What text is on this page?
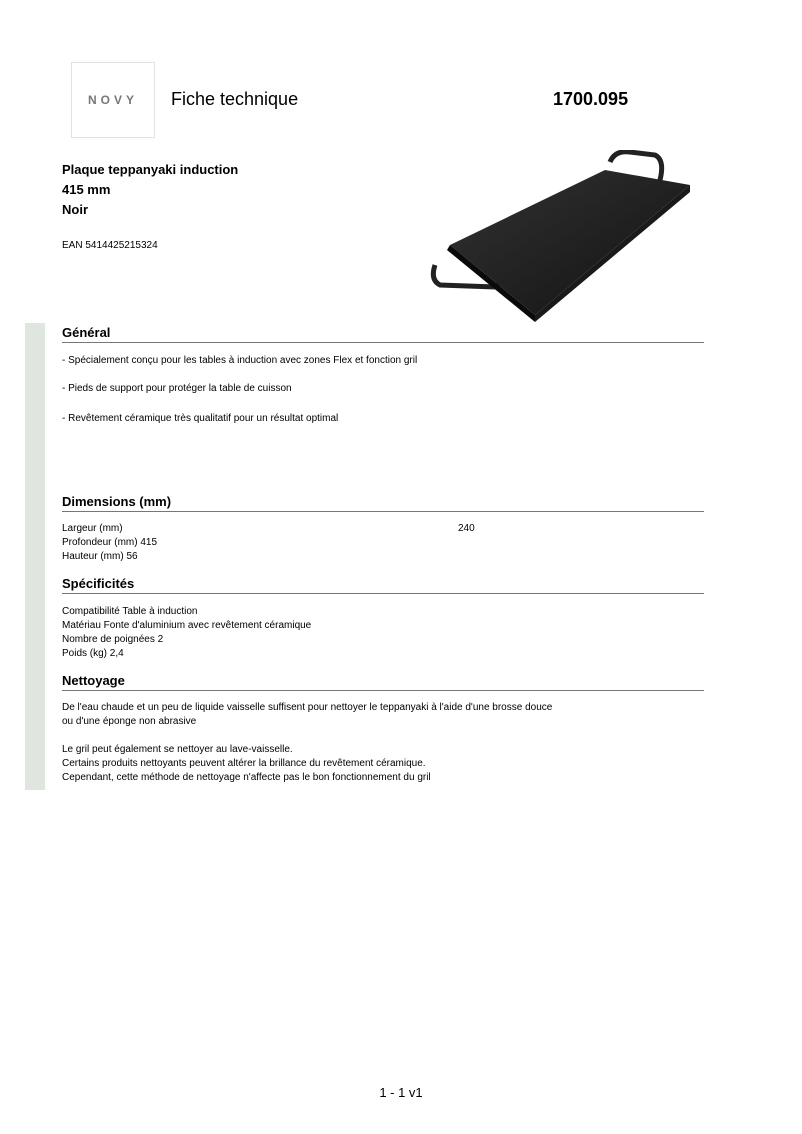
NOVY Fiche technique	1700.095
Plaque teppanyaki induction
415 mm
Noir
EAN 5414425215324
Général
- Spécialement conçu pour les tables à induction avec zones Flex et fonction gril
- Pieds de support pour protéger la table de cuisson
- Revêtement céramique très qualitatif pour un résultat optimal
Dimensions (mm)
Largeur (mm)	240
Profondeur (mm) 415
Hauteur (mm) 56
Spécificités
Compatibilité Table à induction
Matériau Fonte d'aluminium avec revêtement céramique
Nombre de poignées 2
Poids (kg) 2,4
Nettoyage
De l'eau chaude et un peu de liquide vaisselle suffisent pour nettoyer le teppanyaki à l'aide d'une brosse douce
ou d'une éponge non abrasive
Le gril peut également se nettoyer au lave-vaisselle.
Certains produits nettoyants peuvent altérer la brillance du revêtement céramique.
Cependant, cette méthode de nettoyage n'affecte pas le bon fonctionnement du gril
1 - 1 v1
